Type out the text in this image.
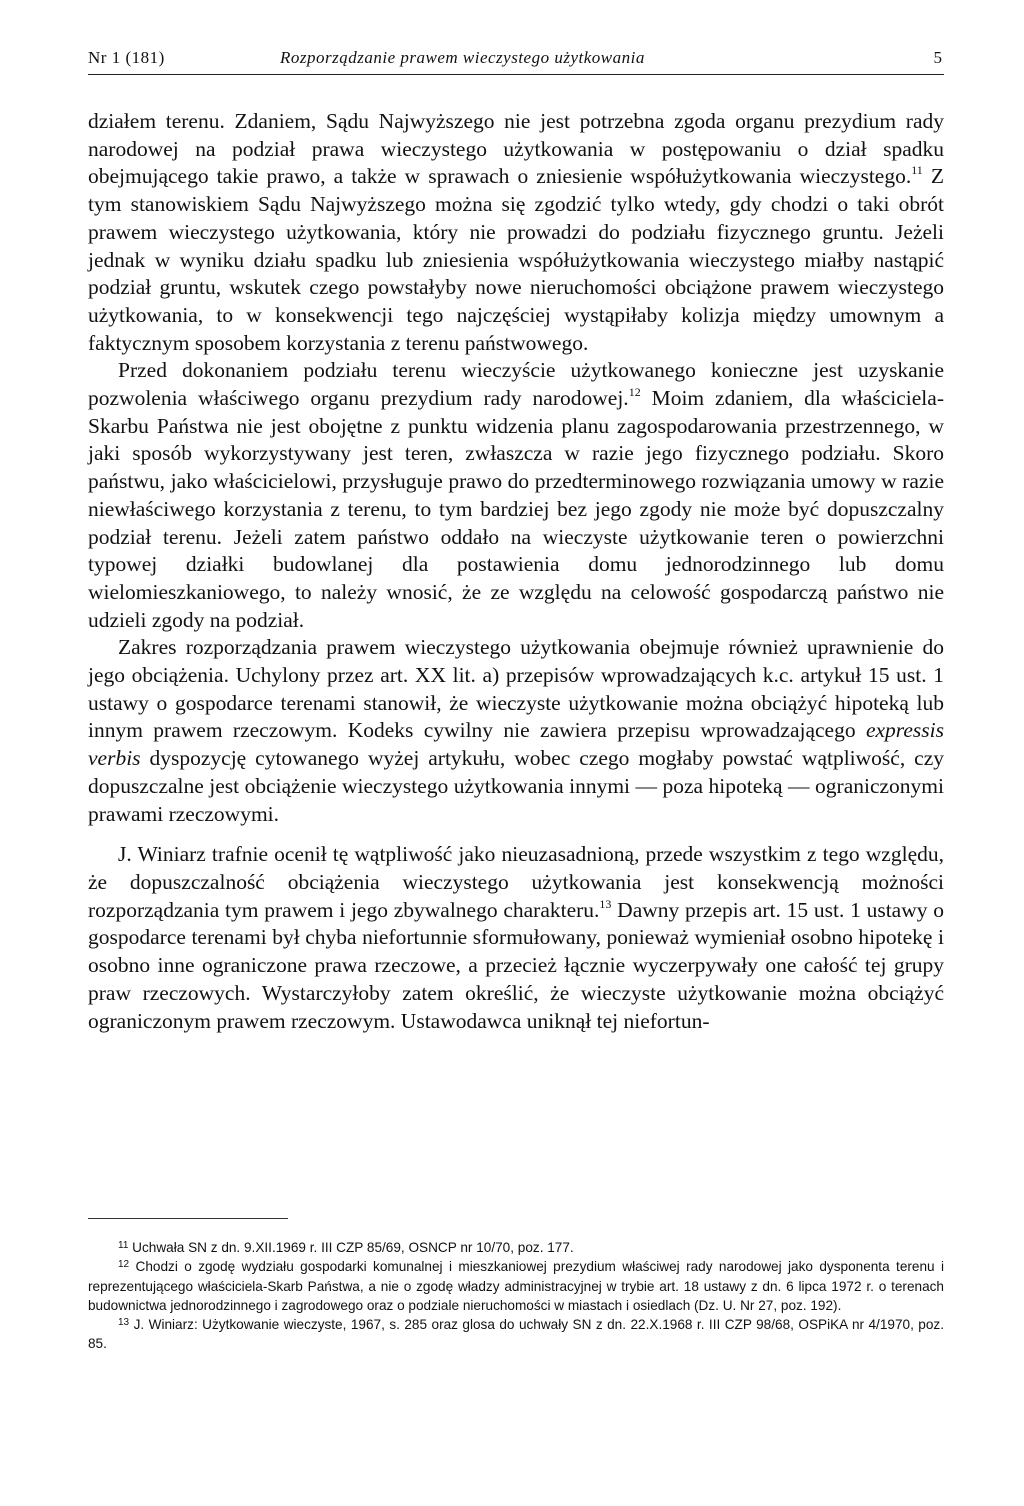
Nr 1 (181)	Rozporządzanie prawem wieczystego użytkowania	5

działem terenu. Zdaniem, Sądu Najwyższego nie jest potrzebna zgoda organu prezydium rady narodowej na podział prawa wieczystego użytkowania w postępowaniu o dział spadku obejmującego takie prawo, a także w sprawach o zniesienie współużytkowania wieczystego.$^{11}$ Z tym stanowiskiem Sądu Najwyższego można się zgodzić tylko wtedy, gdy chodzi o taki obrót prawem wieczystego użytkowania, który nie prowadzi do podziału fizycznego gruntu. Jeżeli jednak w wyniku działu spadku lub zniesienia współużytkowania wieczystego miałby nastąpić podział gruntu, wskutek czego powstałyby nowe nieruchomości obciążone prawem wieczystego użytkowania, to w konsekwencji tego najczęściej wystąpiłaby kolizja między umownym a faktycznym sposobem korzystania z terenu państwowego.

Przed dokonaniem podziału terenu wieczyście użytkowanego konieczne jest uzyskanie pozwolenia właściwego organu prezydium rady narodowej.$^{12}$ Moim zdaniem, dla właściciela-Skarbu Państwa nie jest obojętne z punktu widzenia planu zagospodarowania przestrzennego, w jaki sposób wykorzystywany jest teren, zwłaszcza w razie jego fizycznego podziału. Skoro państwu, jako właścicielowi, przysługuje prawo do przedterminowego rozwiązania umowy w razie niewłaściwego korzystania z terenu, to tym bardziej bez jego zgody nie może być dopuszczalny podział terenu. Jeżeli zatem państwo oddało na wieczyste użytkowanie teren o powierzchni typowej działki budowlanej dla postawienia domu jednorodzinnego lub domu wielomieszkaniowego, to należy wnosić, że ze względu na celowość gospodarczą państwo nie udzieli zgody na podział.

Zakres rozporządzania prawem wieczystego użytkowania obejmuje również uprawnienie do jego obciążenia. Uchylony przez art. XX lit. a) przepisów wprowadzających k.c. artykuł 15 ust. 1 ustawy o gospodarce terenami stanowił, że wieczyste użytkowanie można obciążyć hipoteką lub innym prawem rzeczowym. Kodeks cywilny nie zawiera przepisu wprowadzającego expressis verbis dyspozycję cytowanego wyżej artykułu, wobec czego mogłaby powstać wątpliwość, czy dopuszczalne jest obciążenie wieczystego użytkowania innymi — poza hipoteką — ograniczonymi prawami rzeczowymi.

J. Winiarz trafnie ocenił tę wątpliwość jako nieuzasadnioną, przede wszystkim z tego względu, że dopuszczalność obciążenia wieczystego użytkowania jest konsekwencją możności rozporządzania tym prawem i jego zbywalnego charakteru.$^{13}$ Dawny przepis art. 15 ust. 1 ustawy o gospodarce terenami był chyba niefortunnie sformułowany, ponieważ wymieniał osobno hipotekę i osobno inne ograniczone prawa rzeczowe, a przecież łącznie wyczerpywały one całość tej grupy praw rzeczowych. Wystarczyłoby zatem określić, że wieczyste użytkowanie można obciążyć ograniczonym prawem rzeczowym. Ustawodawca uniknął tej niefortun-

$^{11}$ Uchwała SN z dn. 9.XII.1969 r. III CZP 85/69, OSNCP nr 10/70, poz. 177.

$^{12}$ Chodzi o zgodę wydziału gospodarki komunalnej i mieszkaniowej prezydium właściwej rady narodowej jako dysponenta terenu i reprezentującego właściciela-Skarb Państwa, a nie o zgodę władzy administracyjnej w trybie art. 18 ustawy z dn. 6 lipca 1972 r. o terenach budownictwa jednorodzinnego i zagrodowego oraz o podziale nieruchomości w miastach i osiedlach (Dz. U. Nr 27, poz. 192).

$^{13}$ J. Winiarz: Użytkowanie wieczyste, 1967, s. 285 oraz glosa do uchwały SN z dn. 22.X.1968 r. III CZP 98/68, OSPiKA nr 4/1970, poz. 85.
